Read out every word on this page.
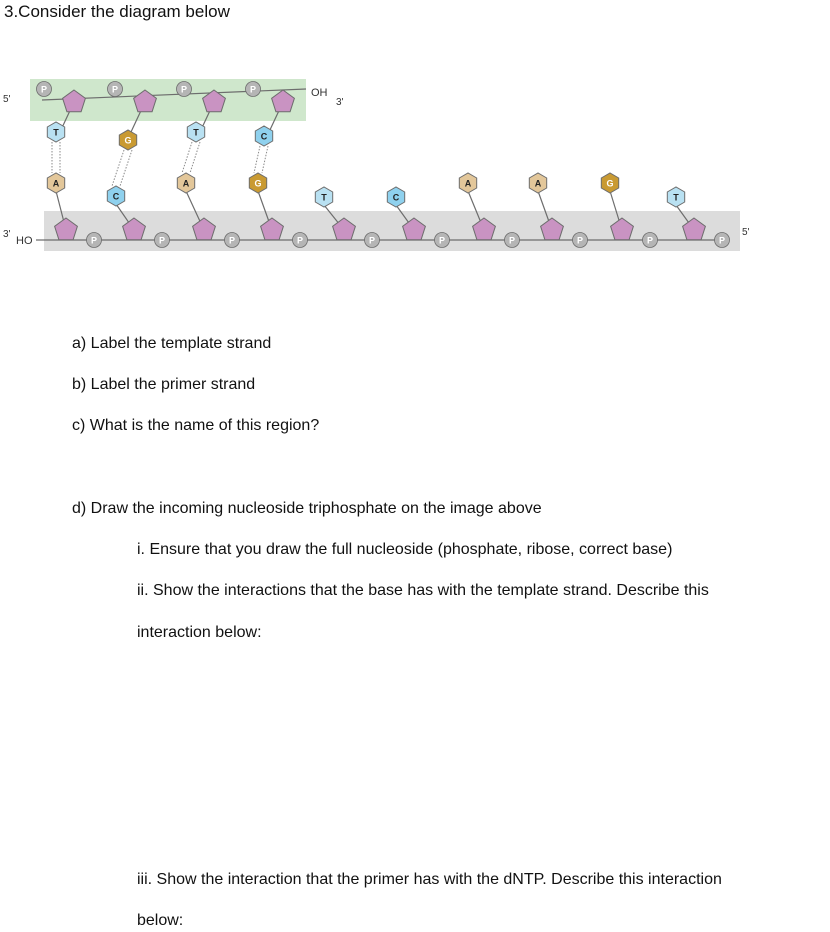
3.Consider the diagram below
P	P	P	P
T
G
T	C
P	P	P	P	P	P	P	P	P	P
A
C
A	G
T	C
A	A	G
T
5'
OH
3'
3'
HO
5'
a) Label the template strand
b) Label the primer strand
c) What is the name of this region?
d) Draw the incoming nucleoside triphosphate on the image above
i. Ensure that you draw the full nucleoside (phosphate, ribose, correct base)
ii. Show the interactions that the base has with the template strand. Describe this
interaction below:
iii. Show the interaction that the primer has with the dNTP. Describe this interaction
below:
